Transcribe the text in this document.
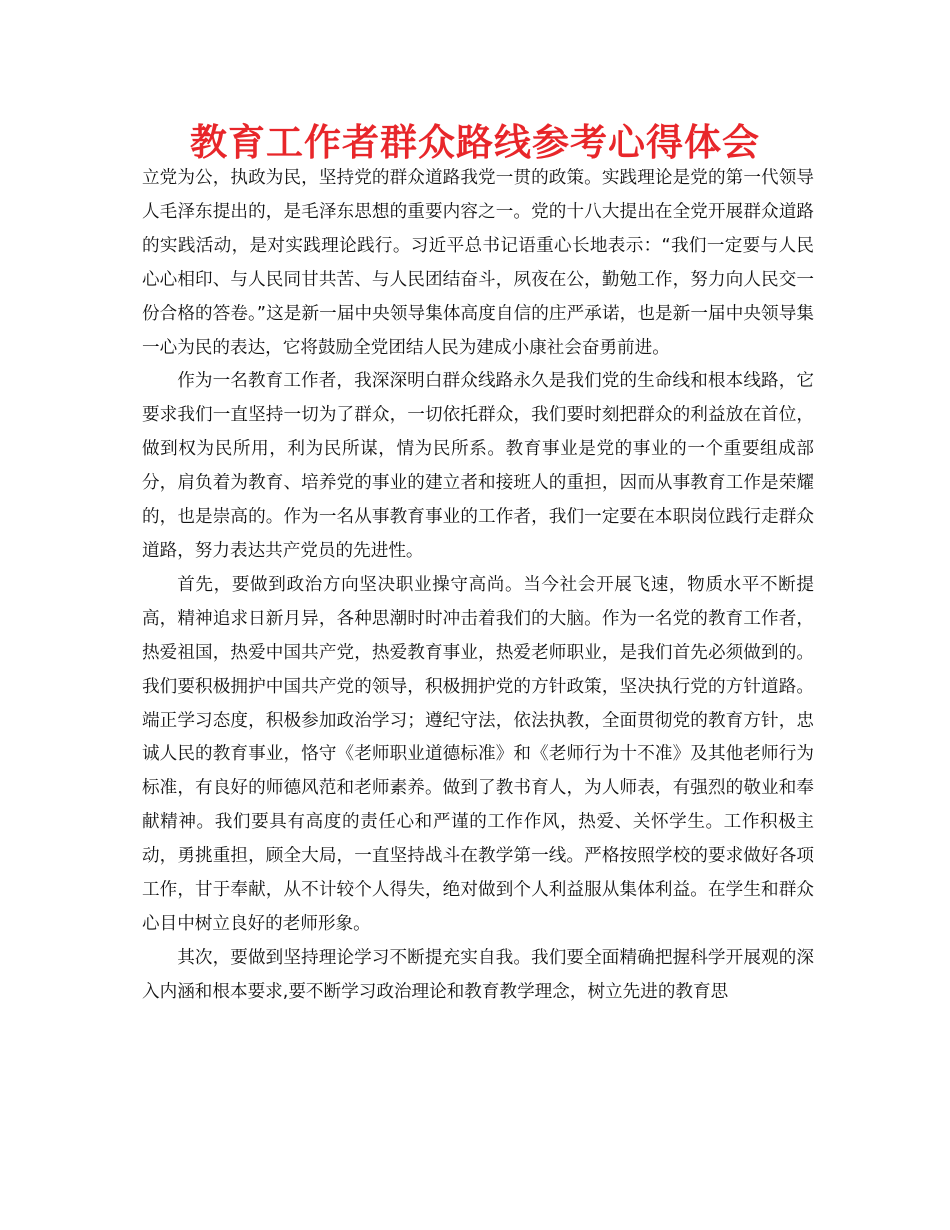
教育工作者群众路线参考心得体会

立党为公，执政为民，坚持党的群众道路我党一贯的政策。实践理论是党的第一代领导人毛泽东提出的，是毛泽东思想的重要内容之一。党的十八大提出在全党开展群众道路的实践活动，是对实践理论践行。习近平总书记语重心长地表示：“我们一定要与人民心心相印、与人民同甘共苦、与人民团结奋斗，夙夜在公，勤勉工作，努力向人民交一份合格的答卷。”这是新一届中央领导集体高度自信的庄严承诺，也是新一届中央领导集一心为民的表达，它将鼓励全党团结人民为建成小康社会奋勇前进。

作为一名教育工作者，我深深明白群众线路永久是我们党的生命线和根本线路，它要求我们一直坚持一切为了群众，一切依托群众，我们要时刻把群众的利益放在首位，做到权为民所用，利为民所谋，情为民所系。教育事业是党的事业的一个重要组成部分，肩负着为教育、培养党的事业的建立者和接班人的重担，因而从事教育工作是荣耀的，也是崇高的。作为一名从事教育事业的工作者，我们一定要在本职岗位践行走群众道路，努力表达共产党员的先进性。

首先，要做到政治方向坚决职业操守高尚。当今社会开展飞速，物质水平不断提高，精神追求日新月异，各种思潮时时冲击着我们的大脑。作为一名党的教育工作者，热爱祖国，热爱中国共产党，热爱教育事业，热爱老师职业，是我们首先必须做到的。我们要积极拥护中国共产党的领导，积极拥护党的方针政策，坚决执行党的方针道路。端正学习态度，积极参加政治学习；遵纪守法，依法执教，全面贯彻党的教育方针，忠诚人民的教育事业，恪守《老师职业道德标准》和《老师行为十不准》及其他老师行为标准，有良好的师德风范和老师素养。做到了教书育人，为人师表，有强烈的敬业和奉献精神。我们要具有高度的责任心和严谨的工作作风，热爱、关怀学生。工作积极主动，勇挑重担，顾全大局，一直坚持战斗在教学第一线。严格按照学校的要求做好各项工作，甘于奉献，从不计较个人得失，绝对做到个人利益服从集体利益。在学生和群众心目中树立良好的老师形象。

其次，要做到坚持理论学习不断提充实自我。我们要全面精确把握科学开展观的深入内涵和根本要求,要不断学习政治理论和教育教学理念，树立先进的教育思
